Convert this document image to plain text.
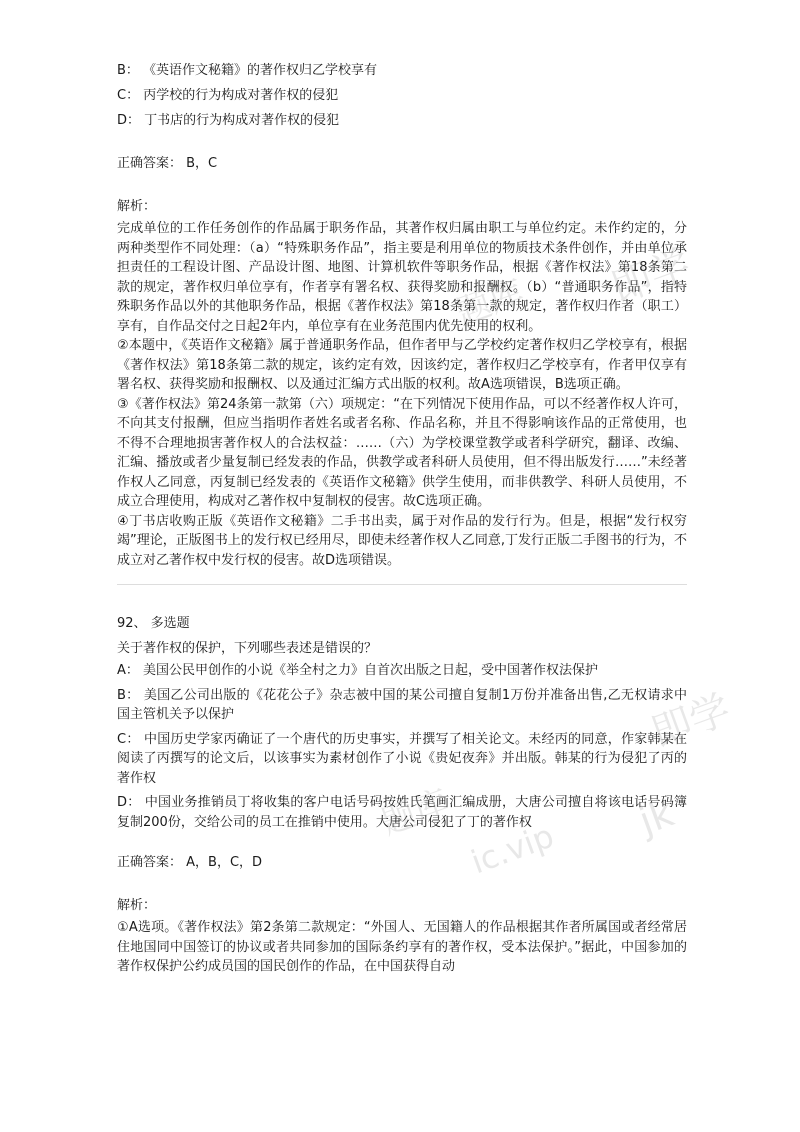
B： 《英语作文秘籍》的著作权归乙学校享有
C： 丙学校的行为构成对著作权的侵犯
D： 丁书店的行为构成对著作权的侵犯
正确答案： B，C
解析：

完成单位的工作任务创作的作品属于职务作品，其著作权归属由职工与单位约定。未作约定的，分两种类型作不同处理：（a）“特殊职务作品”，指主要是利用单位的物质技术条件创作，并由单位承担责任的工程设计图、产品设计图、地图、计算机软件等职务作品，根据《著作权法》第18条第二款的规定，著作权归单位享有，作者享有署名权、获得奖励和报酬权。（b）“普通职务作品”，指特殊职务作品以外的其他职务作品，根据《著作权法》第18条第一款的规定，著作权归作者（职工）享有，自作品交付之日起2年内，单位享有在业务范围内优先使用的权利。

②本题中，《英语作文秘籍》属于普通职务作品，但作者甲与乙学校约定著作权归乙学校享有，根据《著作权法》第18条第二款的规定，该约定有效，因该约定，著作权归乙学校享有，作者甲仅享有署名权、获得奖励和报酬权、以及通过汇编方式出版的权利。故A选项错误，B选项正确。

③《著作权法》第24条第一款第（六）项规定：“在下列情况下使用作品，可以不经著作权人许可，不向其支付报酬，但应当指明作者姓名或者名称、作品名称，并且不得影响该作品的正常使用，也不得不合理地损害著作权人的合法权益：……（六）为学校课堂教学或者科学研究，翻译、改编、汇编、播放或者少量复制已经发表的作品，供教学或者科研人员使用，但不得出版发行……”未经著作权人乙同意，丙复制已经发表的《英语作文秘籍》供学生使用，而非供教学、科研人员使用，不成立合理使用，构成对乙著作权中复制权的侵害。故C选项正确。

④丁书店收购正版《英语作文秘籍》二手书出卖，属于对作品的发行行为。但是，根据“发行权穷竭”理论，正版图书上的发行权已经用尽，即使未经著作权人乙同意,丁发行正版二手图书的行为，不成立对乙著作权中发行权的侵害。故D选项错误。

92、 多选题
关于著作权的保护，下列哪些表述是错误的？

A： 美国公民甲创作的小说《举全村之力》自首次出版之日起，受中国著作权法保护

B： 美国乙公司出版的《花花公子》杂志被中国的某公司擅自复制1万份并准备出售,乙无权请求中国主管机关予以保护

C： 中国历史学家丙确证了一个唐代的历史事实，并撰写了相关论文。未经丙的同意，作家韩某在阅读了丙撰写的论文后，以该事实为素材创作了小说《贵妃夜奔》并出版。韩某的行为侵犯了丙的著作权

D： 中国业务推销员丁将收集的客户电话号码按姓氏笔画汇编成册，大唐公司擅自将该电话号码簿复制200份，交给公司的员工在推销中使用。大唐公司侵犯了丁的著作权

正确答案： A，B，C，D
解析：

①A选项。《著作权法》第2条第二款规定：“外国人、无国籍人的作品根据其作者所属国或者经常居住地国同中国签订的协议或者共同参加的国际条约享有的著作权，受本法保护。”据此，中国参加的著作权保护公约成员国的国民创作的作品，在中国获得自动

即学
题库
即学
题库	jk
ic.vip
